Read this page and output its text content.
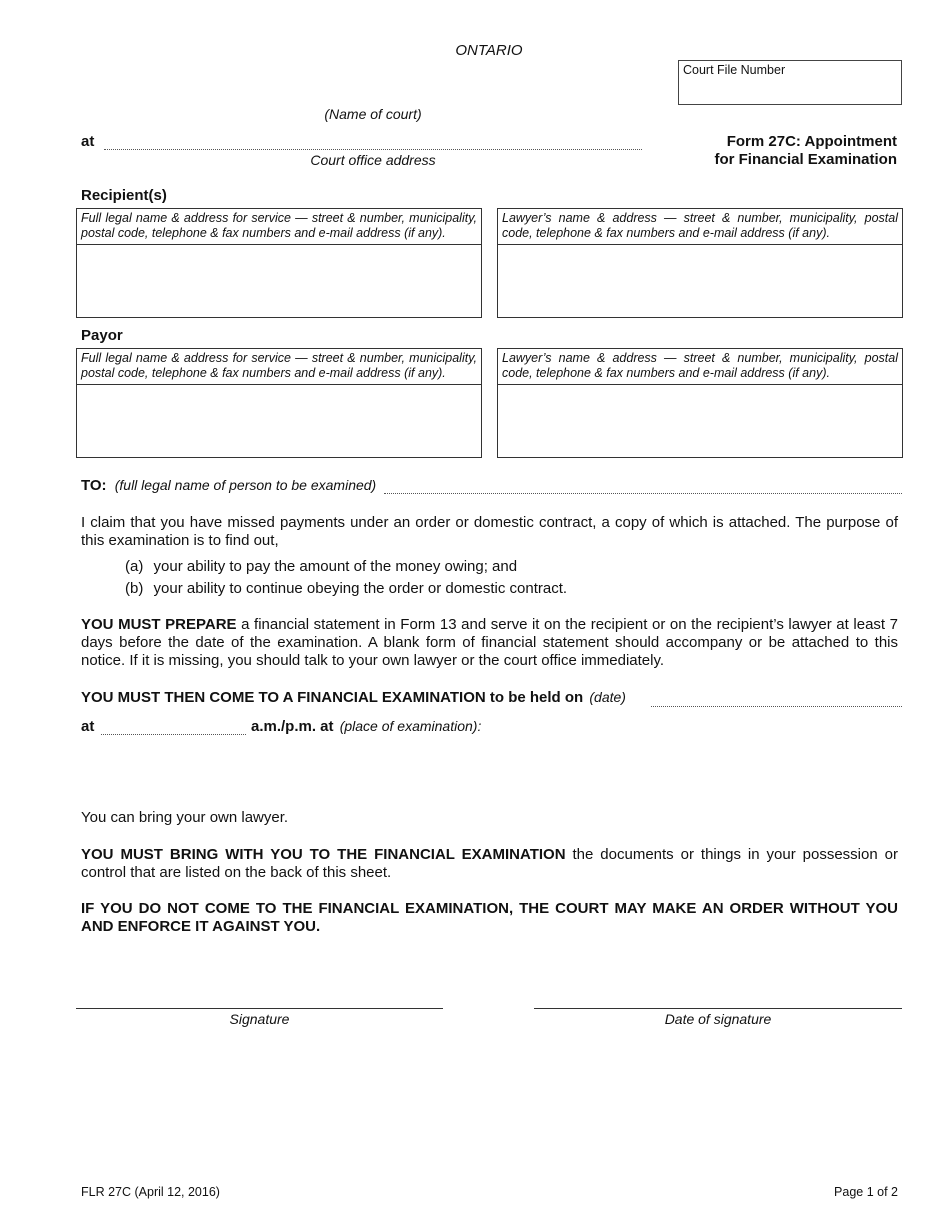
ONTARIO
Court File Number
(Name of court)
at
Court office address
Form 27C: Appointment
for Financial Examination
Recipient(s)
Full legal name & address for service — street & number, municipality, postal code, telephone & fax numbers and e-mail address (if any).
Lawyer’s name & address — street & number, municipality, postal code, telephone & fax numbers and e-mail address (if any).
Payor
Full legal name & address for service — street & number, municipality, postal code, telephone & fax numbers and e-mail address (if any).
Lawyer’s name & address — street & number, municipality, postal code, telephone & fax numbers and e-mail address (if any).
TO: (full legal name of person to be examined)
I claim that you have missed payments under an order or domestic contract, a copy of which is attached. The purpose of this examination is to find out,
(a) your ability to pay the amount of the money owing; and
(b) your ability to continue obeying the order or domestic contract.
YOU MUST PREPARE a financial statement in Form 13 and serve it on the recipient or on the recipient’s lawyer at least 7 days before the date of the examination. A blank form of financial statement should accompany or be attached to this notice. If it is missing, you should talk to your own lawyer or the court office immediately.
YOU MUST THEN COME TO A FINANCIAL EXAMINATION to be held on (date)
at	a.m./p.m. at (place of examination):
You can bring your own lawyer.
YOU MUST BRING WITH YOU TO THE FINANCIAL EXAMINATION the documents or things in your possession or control that are listed on the back of this sheet.
IF YOU DO NOT COME TO THE FINANCIAL EXAMINATION, THE COURT MAY MAKE AN ORDER WITHOUT YOU AND ENFORCE IT AGAINST YOU.
Signature	Date of signature
FLR 27C (April 12, 2016)	Page 1 of 2
